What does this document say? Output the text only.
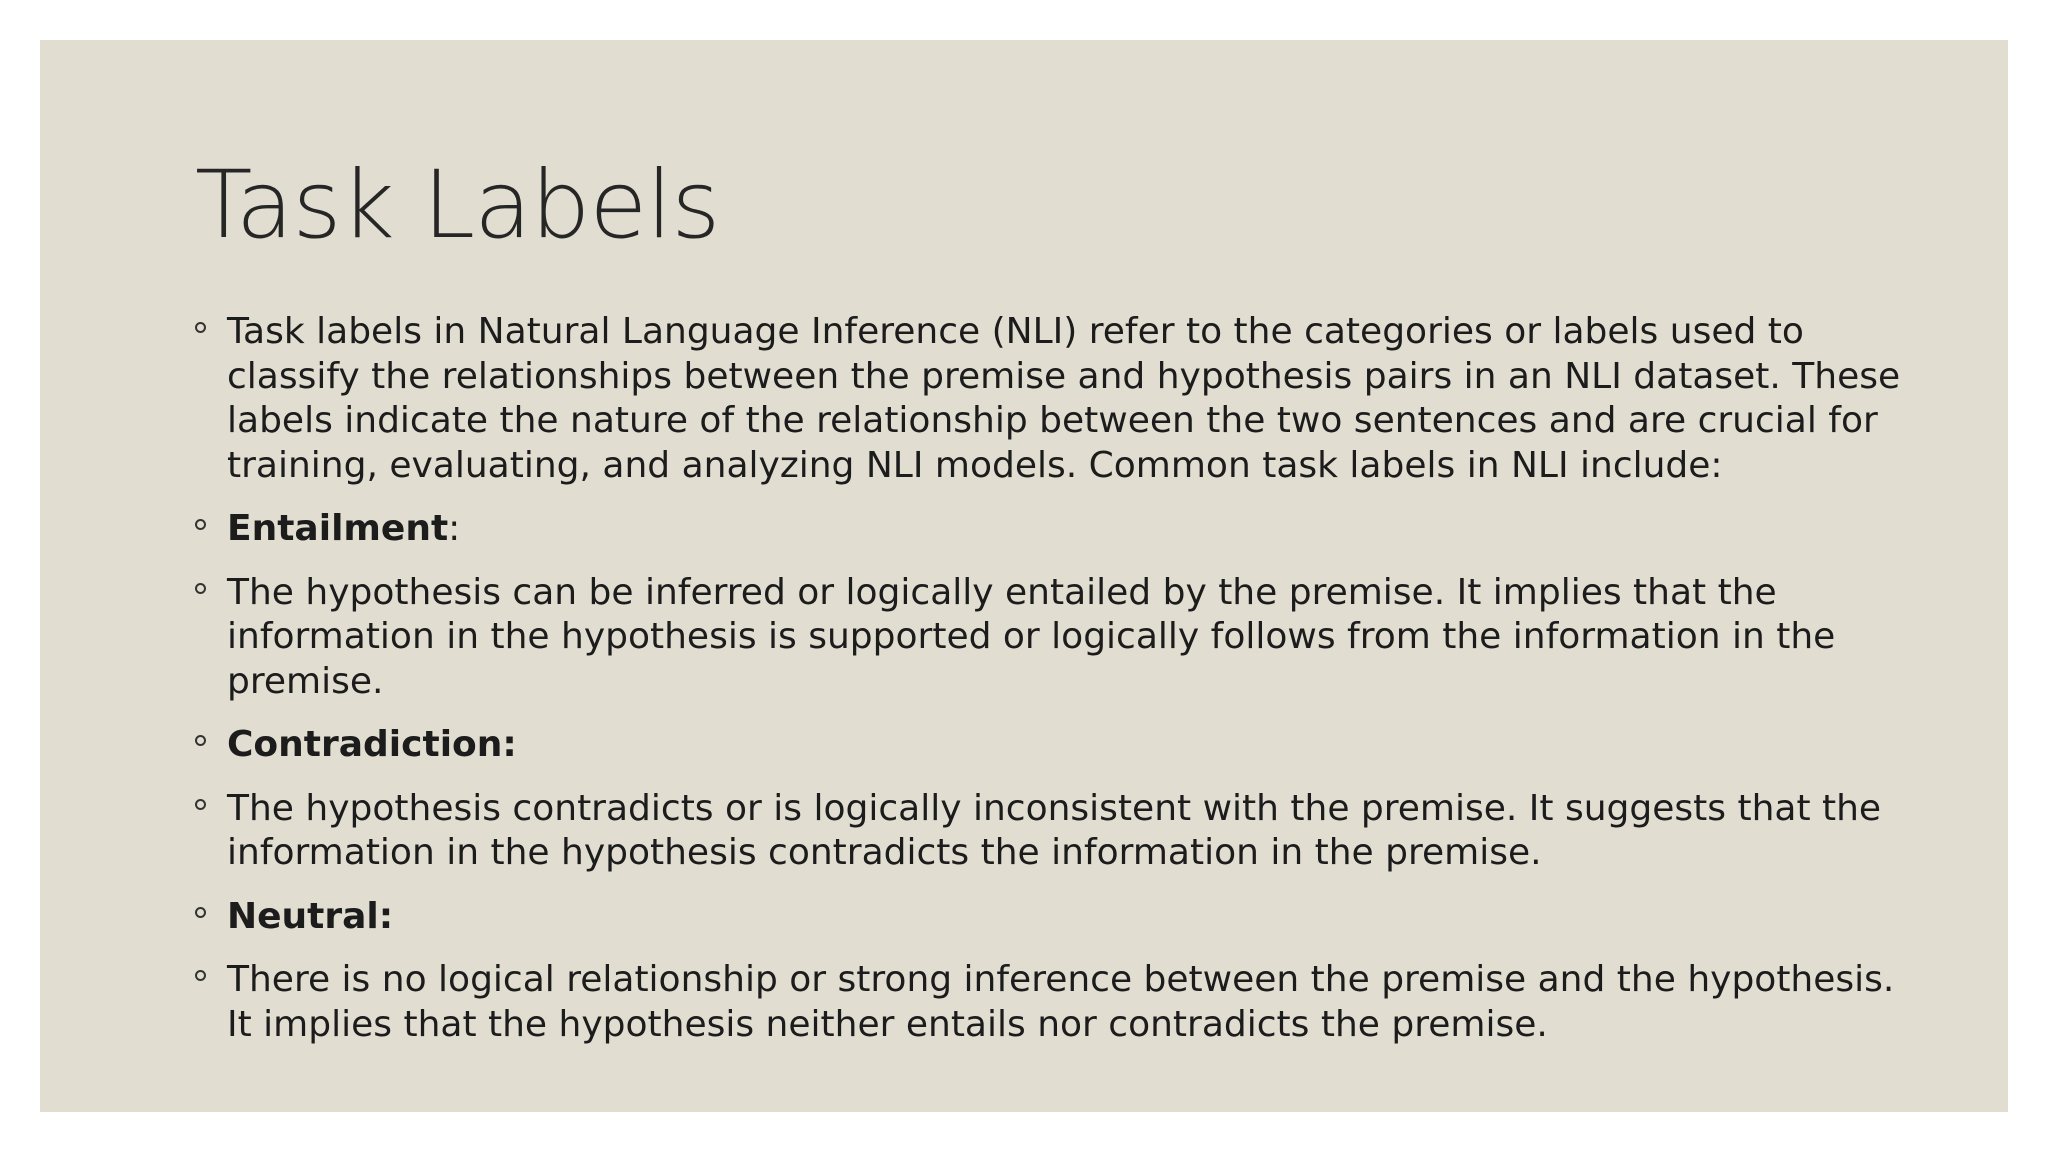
Task Labels
Task labels in Natural Language Inference (NLI) refer to the categories or labels used to classify the relationships between the premise and hypothesis pairs in an NLI dataset. These labels indicate the nature of the relationship between the two sentences and are crucial for training, evaluating, and analyzing NLI models. Common task labels in NLI include:
Entailment:
The hypothesis can be inferred or logically entailed by the premise. It implies that the information in the hypothesis is supported or logically follows from the information in the premise.
Contradiction:
The hypothesis contradicts or is logically inconsistent with the premise. It suggests that the information in the hypothesis contradicts the information in the premise.
Neutral:
There is no logical relationship or strong inference between the premise and the hypothesis. It implies that the hypothesis neither entails nor contradicts the premise.
